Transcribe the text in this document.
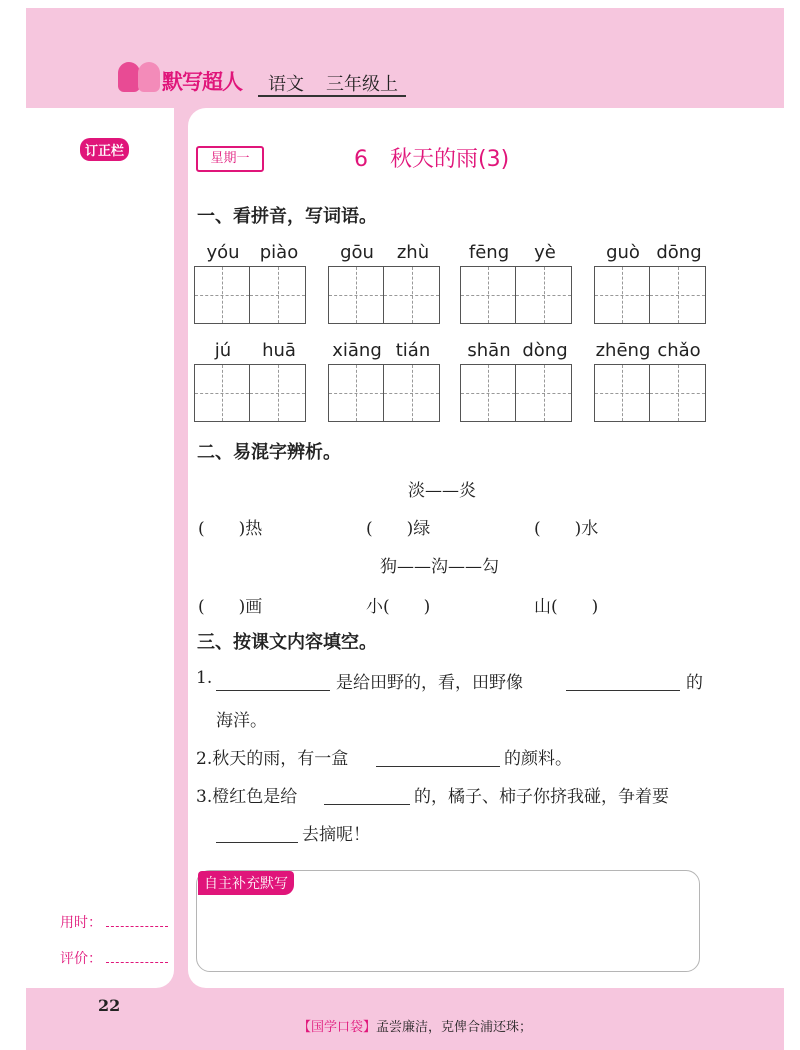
默写超人 语文 三年级上
订正栏	星期一	6　秋天的雨(3)
一、看拼音，写词语。
yóu	piào	gōu	zhù	fēng	yè	guò dōng
jú	huā	xiāng tián	shān dòng	zhēng chǎo
二、易混字辨析。
淡——炎
(　　)热	(　　)绿	(　　)水
狗——沟——勾
(　　)画	小(　　)	山(　　)
三、按课文内容填空。
1.	是给田野的，看，田野像	的
海洋。
2.秋天的雨，有一盒	的颜料。
3.橙红色是给	的，橘子、柿子你挤我碰，争着要
去摘呢！
自主补充默写
用时：
评价：
22
【国学口袋】孟尝廉洁，克俾合浦还珠；
